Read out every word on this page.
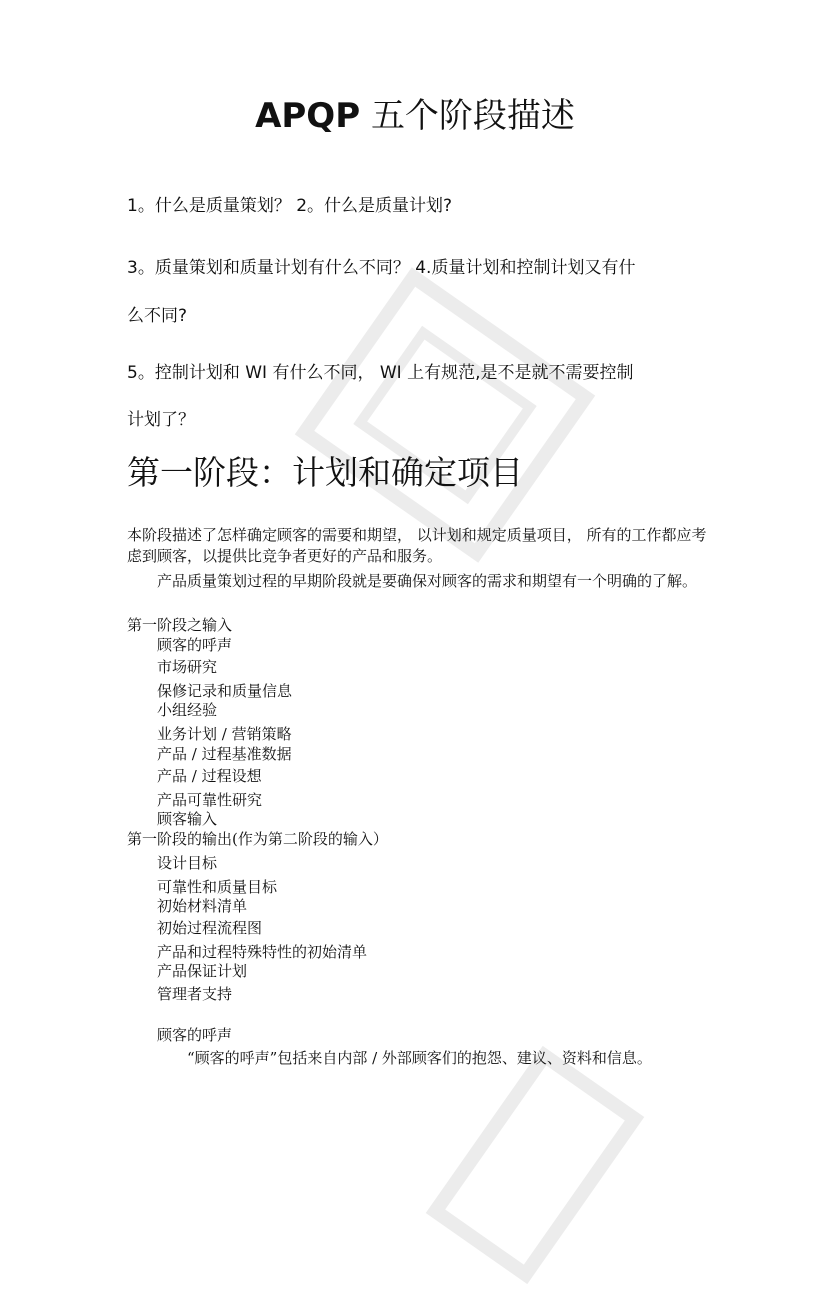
APQP 五个阶段描述
1。什么是质量策划？ 2。什么是质量计划?
3。质量策划和质量计划有什么不同？ 4.质量计划和控制计划又有什
么不同?
5。控制计划和 WI 有什么不同， WI 上有规范,是不是就不需要控制
计划了？
第一阶段：计划和确定项目
本阶段描述了怎样确定顾客的需要和期望， 以计划和规定质量项目， 所有的工作都应考虑到顾客，以提供比竞争者更好的产品和服务。
产品质量策划过程的早期阶段就是要确保对顾客的需求和期望有一个明确的了解。
第一阶段之输入
顾客的呼声
市场研究
保修记录和质量信息
小组经验
业务计划 / 营销策略
产品 / 过程基准数据
产品 / 过程设想
产品可靠性研究
顾客输入
第一阶段的输出(作为第二阶段的输入）
设计目标
可靠性和质量目标
初始材料清单
初始过程流程图
产品和过程特殊特性的初始清单
产品保证计划
管理者支持
顾客的呼声
“顾客的呼声”包括来自内部 / 外部顾客们的抱怨、建议、资料和信息。
